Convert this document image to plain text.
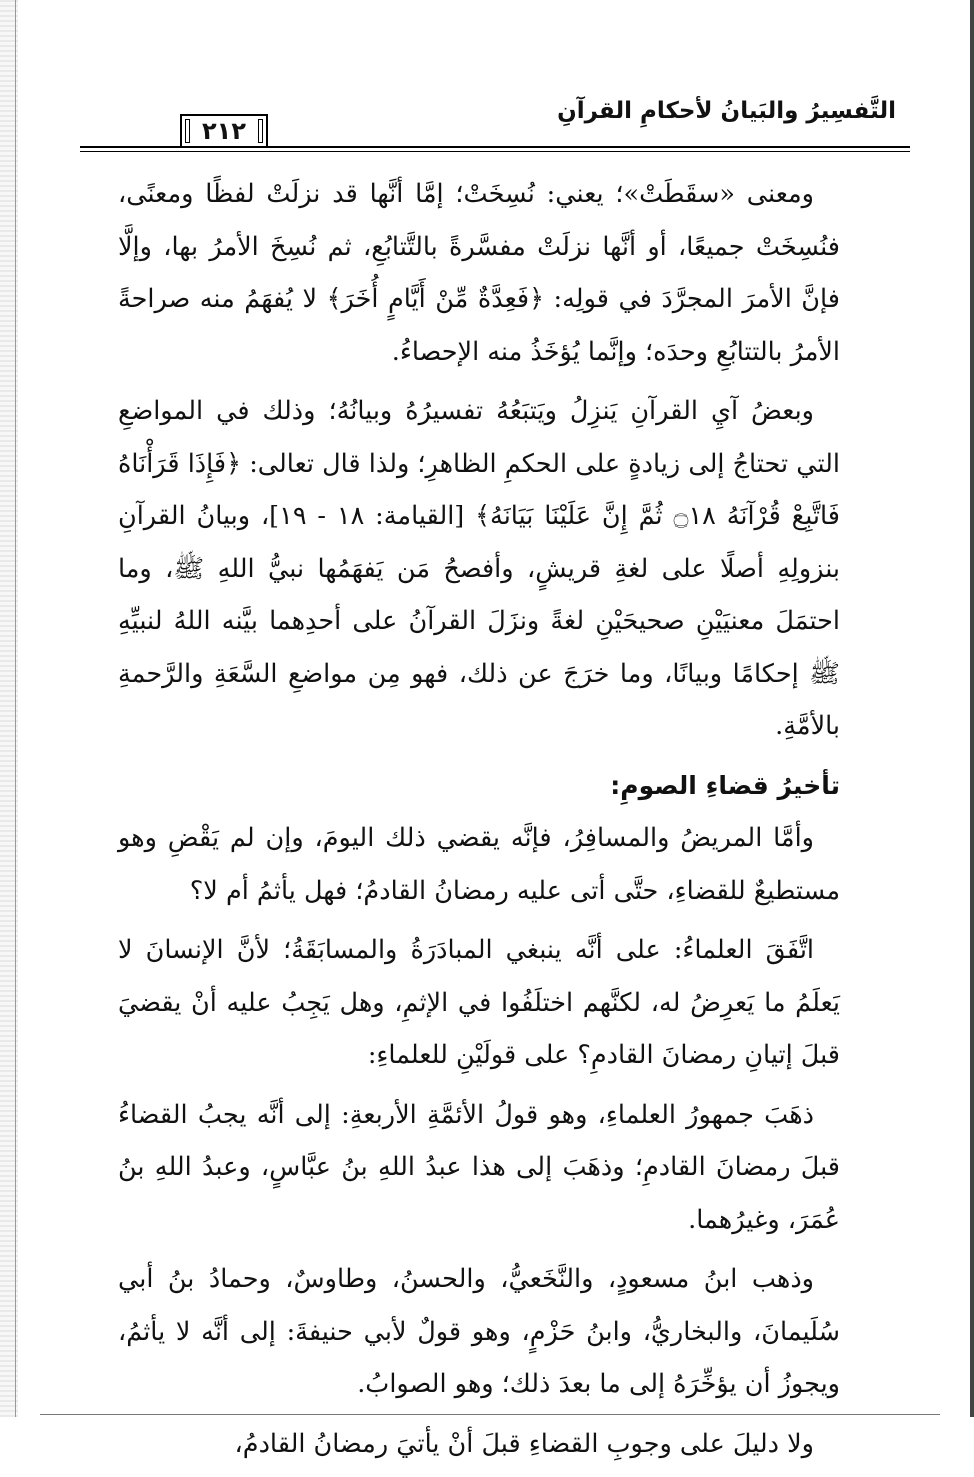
التَّفسِيرُ والبَيانُ لأحكامِ القرآنِ
٢١٢

ومعنى «سقَطَتْ»؛ يعني: نُسِخَتْ؛ إمَّا أنَّها قد نزلَتْ لفظًا ومعنًى، فنُسِخَتْ جميعًا، أو أنَّها نزلَتْ مفسَّرةً بالتَّتابُعِ، ثم نُسِخَ الأمرُ بها، وإلَّا فإنَّ الأمرَ المجرَّدَ في قولِه: ﴿فَعِدَّةٌ مِّنْ أَيَّامٍ أُخَرَ﴾ لا يُفهَمُ منه صراحةً الأمرُ بالتتابُعِ وحدَه؛ وإنَّما يُؤخَذُ منه الإحصاءُ.

وبعضُ آيِ القرآنِ يَنزِلُ ويَتبَعُهُ تفسيرُهُ وبيانُهُ؛ وذلك في المواضعِ التي تحتاجُ إلى زيادةٍ على الحكمِ الظاهرِ؛ ولذا قال تعالى: ﴿فَإِذَا قَرَأْنَاهُ فَاتَّبِعْ قُرْآنَهُ ۝١٨ ثُمَّ إِنَّ عَلَيْنَا بَيَانَهُ﴾ [القيامة: ١٨ - ١٩]، وبيانُ القرآنِ بنزولِهِ أصلًا على لغةِ قريشٍ، وأفصحُ مَن يَفهَمُها نبيُّ اللهِ ﷺ، وما احتمَلَ معنيَيْنِ صحيحَيْنِ لغةً ونزَلَ القرآنُ على أحدِهما بيَّنه اللهُ لنبيِّهِ ﷺ إحكامًا وبيانًا، وما خرَجَ عن ذلك، فهو مِن مواضعِ السَّعَةِ والرَّحمةِ بالأمَّةِ.

تأخيرُ قضاءِ الصومِ:

وأمَّا المريضُ والمسافِرُ، فإنَّه يقضي ذلك اليومَ، وإن لم يَقْضِ وهو مستطيعٌ للقضاءِ، حتَّى أتى عليه رمضانُ القادمُ؛ فهل يأثمُ أم لا؟

اتَّفَقَ العلماءُ: على أنَّه ينبغي المبادَرَةُ والمسابَقَةُ؛ لأنَّ الإنسانَ لا يَعلَمُ ما يَعرِضُ له، لكنَّهم اختلَفُوا في الإثمِ، وهل يَجِبُ عليه أنْ يقضيَ قبلَ إتيانِ رمضانَ القادمِ؟ على قولَيْنِ للعلماءِ:

ذهَبَ جمهورُ العلماءِ، وهو قولُ الأئمَّةِ الأربعةِ: إلى أنَّه يجبُ القضاءُ قبلَ رمضانَ القادمِ؛ وذهَبَ إلى هذا عبدُ اللهِ بنُ عبَّاسٍ، وعبدُ اللهِ بنُ عُمَرَ، وغيرُهما.

وذهب ابنُ مسعودٍ، والنَّخَعيُّ، والحسنُ، وطاوسٌ، وحمادُ بنُ أبي سُلَيمانَ، والبخاريُّ، وابنُ حَزْمٍ، وهو قولٌ لأبي حنيفةَ: إلى أنَّه لا يأثمُ، ويجوزُ أن يؤخِّرَهُ إلى ما بعدَ ذلك؛ وهو الصوابُ.

ولا دليلَ على وجوبِ القضاءِ قبلَ أنْ يأتيَ رمضانُ القادمُ،
